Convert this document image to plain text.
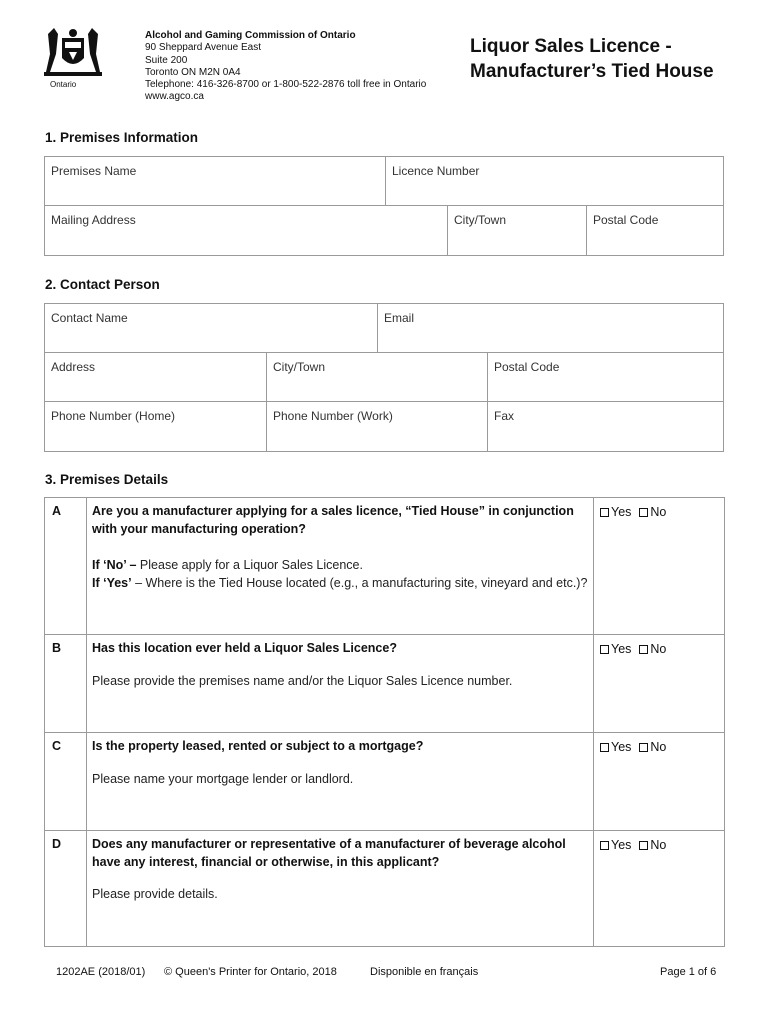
Ontario
Alcohol and Gaming Commission of Ontario
90 Sheppard Avenue East
Suite 200
Toronto ON M2N 0A4
Telephone: 416-326-8700 or 1-800-522-2876 toll free in Ontario
www.agco.ca
Liquor Sales Licence -
Manufacturer’s Tied House
1. Premises Information
Premises Name	Licence Number
Mailing Address	City/Town	Postal Code
2. Contact Person
Contact Name	Email
Address	City/Town	Postal Code
Phone Number (Home)	Phone Number (Work)	Fax
3. Premises Details
A Are you a manufacturer applying for a sales licence, “Tied House” in conjunction with your manufacturing operation?
If ‘No’ – Please apply for a Liquor Sales Licence.
If ‘Yes’ – Where is the Tied House located (e.g., a manufacturing site, vineyard and etc.)?
Yes No
B Has this location ever held a Liquor Sales Licence?
Please provide the premises name and/or the Liquor Sales Licence number.
Yes No
C Is the property leased, rented or subject to a mortgage?
Please name your mortgage lender or landlord.
Yes No
D Does any manufacturer or representative of a manufacturer of beverage alcohol have any interest, financial or otherwise, in this applicant?
Please provide details.
Yes No
1202AE (2018/01) © Queen's Printer for Ontario, 2018	Disponible en français	Page 1 of 6
